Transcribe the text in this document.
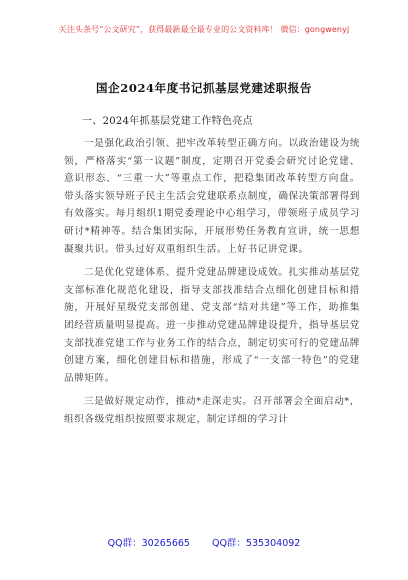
关注头条号“公文研究”，获得最新最全最专业的公文资料库！ 微信：gongwenyj
国企2024年度书记抓基层党建述职报告
一、2024年抓基层党建工作特色亮点

一是强化政治引领、把牢改革转型正确方向。以政治建设为统领，严格落实“第一议题”制度，定期召开党委会研究讨论党建、意识形态、“三重一大”等重点工作，把稳集团改革转型方向盘。带头落实领导班子民主生活会党建联系点制度，确保决策部署得到有效落实。每月组织1期党委理论中心组学习，带领班子成员学习研讨*精神等。结合集团实际，开展形势任务教育宣讲，统一思想凝聚共识。带头过好双重组织生活。上好书记讲党课。

二是优化党建体系、提升党建品牌建设成效。扎实推动基层党支部标准化规范化建设，指导支部找准结合点细化创建目标和措施，开展好星级党支部创建、党支部“结对共建”等工作，助推集团经营质量明显提高。进一步推动党建品牌建设提升，指导基层党支部找准党建工作与业务工作的结合点，制定切实可行的党建品牌创建方案，细化创建目标和措施，形成了“一支部一特色”的党建品牌矩阵。

三是做好规定动作，推动*走深走实。召开部署会全面启动*，组织各级党组织按照要求规定，制定详细的学习计

QQ群：30265665 QQ群：535304092
